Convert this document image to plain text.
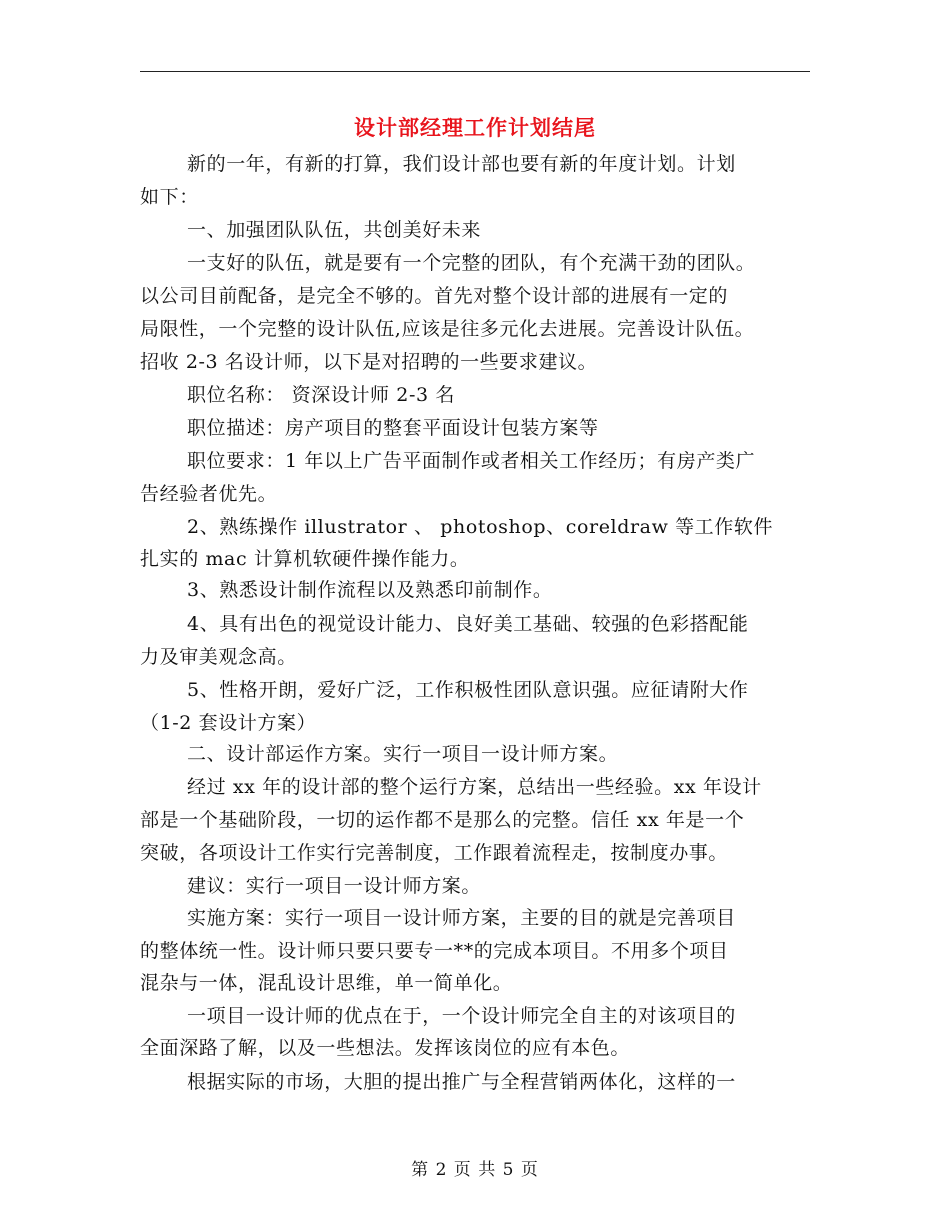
设计部经理工作计划结尾
新的一年，有新的打算，我们设计部也要有新的年度计划。计划
如下：
一、加强团队队伍，共创美好未来
一支好的队伍，就是要有一个完整的团队，有个充满干劲的团队。
以公司目前配备，是完全不够的。首先对整个设计部的进展有一定的
局限性，一个完整的设计队伍,应该是往多元化去进展。完善设计队伍。
招收 2-3 名设计师，以下是对招聘的一些要求建议。
职位名称： 资深设计师 2-3 名
职位描述：房产项目的整套平面设计包装方案等
职位要求：1 年以上广告平面制作或者相关工作经历；有房产类广
告经验者优先。
2、熟练操作 illustrator 、 photoshop、coreldraw 等工作软件
扎实的 mac 计算机软硬件操作能力。
3、熟悉设计制作流程以及熟悉印前制作。
4、具有出色的视觉设计能力、良好美工基础、较强的色彩搭配能
力及审美观念高。
5、性格开朗，爱好广泛，工作积极性团队意识强。应征请附大作
（1-2 套设计方案）
二、设计部运作方案。实行一项目一设计师方案。
经过 xx 年的设计部的整个运行方案，总结出一些经验。xx 年设计
部是一个基础阶段，一切的运作都不是那么的完整。信任 xx 年是一个
突破，各项设计工作实行完善制度，工作跟着流程走，按制度办事。
建议：实行一项目一设计师方案。
实施方案：实行一项目一设计师方案，主要的目的就是完善项目
的整体统一性。设计师只要只要专一**的完成本项目。不用多个项目
混杂与一体，混乱设计思维，单一简单化。
一项目一设计师的优点在于，一个设计师完全自主的对该项目的
全面深路了解，以及一些想法。发挥该岗位的应有本色。
根据实际的市场，大胆的提出推广与全程营销两体化，这样的一
第 2 页 共 5 页
